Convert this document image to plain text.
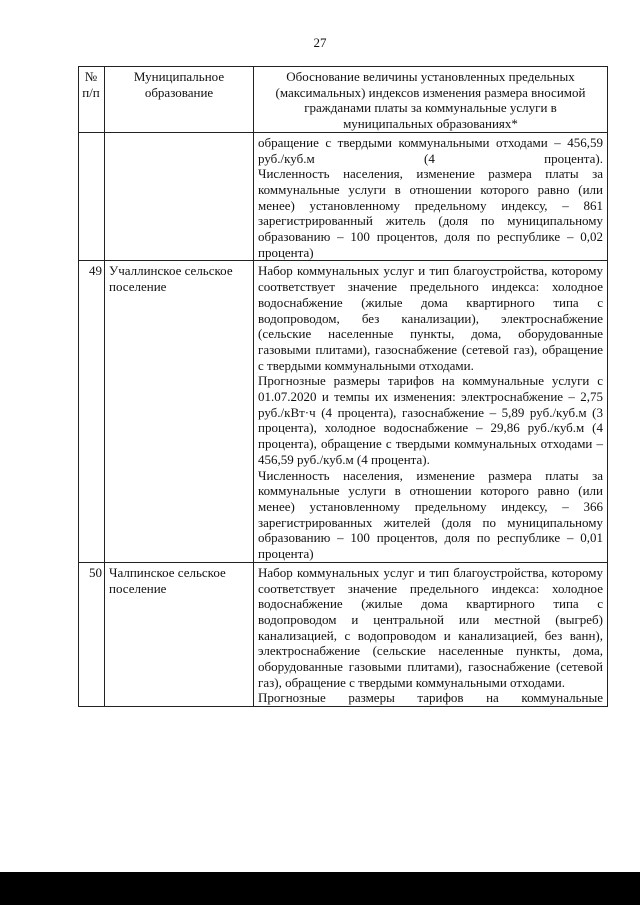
27
№ п/п	Муниципальное образование	Обоснование величины установленных предельных (максимальных) индексов изменения размера вносимой гражданами платы за коммунальные услуги в муниципальных образованиях*

		обращение с твердыми коммунальными отходами – 456,59 руб./куб.м (4 процента).

Численность населения, изменение размера платы за коммунальные услуги в отношении которого равно (или менее) установленному предельному индексу, – 861 зарегистрированный житель (доля по муниципальному образованию – 100 процентов, доля по республике – 0,02 процента)

49	Учаллинское сельское поселение	Набор коммунальных услуг и тип благоустройства, которому соответствует значение предельного индекса: холодное водоснабжение (жилые дома квартирного типа с водопроводом, без канализации), электроснабжение (сельские населенные пункты, дома, оборудованные газовыми плитами), газоснабжение (сетевой газ), обращение с твердыми коммунальными отходами.

Прогнозные размеры тарифов на коммунальные услуги с 01.07.2020 и темпы их изменения: электроснабжение – 2,75 руб./кВт·ч (4 процента), газоснабжение – 5,89 руб./куб.м (3 процента), холодное водоснабжение – 29,86 руб./куб.м (4 процента), обращение с твердыми коммунальных отходами – 456,59 руб./куб.м (4 процента).

Численность населения, изменение размера платы за коммунальные услуги в отношении которого равно (или менее) установленному предельному индексу, – 366 зарегистрированных жителей (доля по муниципальному образованию – 100 процентов, доля по республике – 0,01 процента)

50	Чалпинское сельское поселение	Набор коммунальных услуг и тип благоустройства, которому соответствует значение предельного индекса: холодное водоснабжение (жилые дома квартирного типа с водопроводом и центральной или местной (выгреб) канализацией, с водопроводом и канализацией, без ванн), электроснабжение (сельские населенные пункты, дома, оборудованные газовыми плитами), газоснабжение (сетевой газ), обращение с твердыми коммунальными отходами.

Прогнозные размеры тарифов на коммунальные
